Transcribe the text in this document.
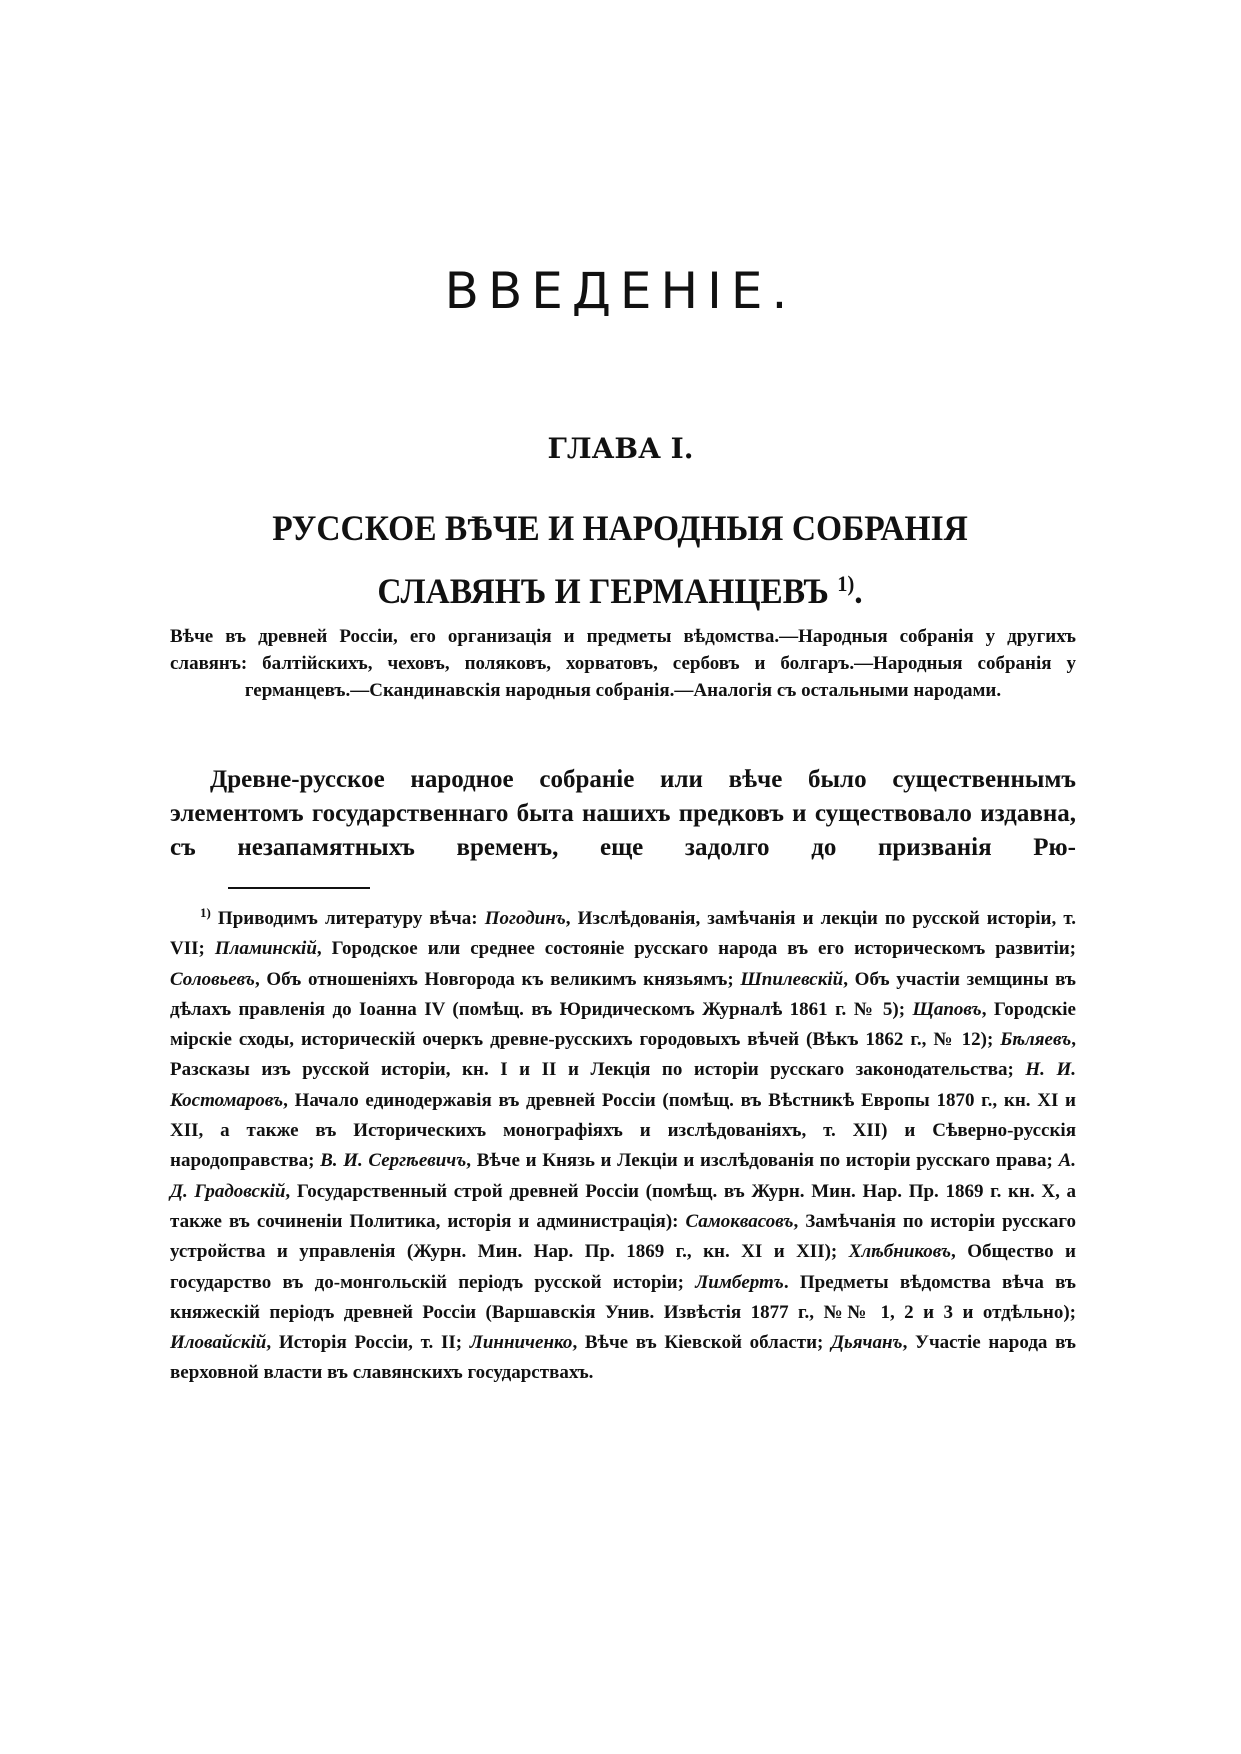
ВВЕДЕНІЕ.
ГЛАВА I.
РУССКОЕ ВѢЧЕ И НАРОДНЫЯ СОБРАНІЯ СЛАВЯНЪ И ГЕРМАНЦЕВЪ $^{1)}$.

Вѣче въ древней Россіи, его организація и предметы вѣдомства.—Народныя собранія у другихъ славянъ: балтійскихъ, чеховъ, поляковъ, хорватовъ, сербовъ и болгаръ.—Народныя собранія у германцевъ.—Скандинавскія народныя собранія.—Аналогія съ остальными народами.

Древне-русское народное собраніе или вѣче было существеннымъ элементомъ государственнаго быта нашихъ предковъ и существовало издавна, съ незапамятныхъ временъ, еще задолго до призванія Рю-

$^{1)}$ Приводимъ литературу вѣча: Погодинъ, Изслѣдованія, замѣчанія и лекціи по русской исторіи, т. VII; Пламинскій, Городское или среднее состояніе русскаго народа въ его историческомъ развитіи; Соловьевъ, Объ отношеніяхъ Новгорода къ великимъ князьямъ; Шпилевскій, Объ участіи земщины въ дѣлахъ правленія до Іоанна IV (помѣщ. въ Юридическомъ Журналѣ 1861 г. № 5); Щаповъ, Городскіе мірскіе сходы, историческій очеркъ древне-русскихъ городовыхъ вѣчей (Вѣкъ 1862 г., № 12); Бѣляевъ, Разсказы изъ русской исторіи, кн. I и II и Лекція по исторіи русскаго законодательства; Н. И. Костомаровъ, Начало единодержавія въ древней Россіи (помѣщ. въ Вѣстникѣ Европы 1870 г., кн. XI и XII, а также въ Историческихъ монографіяхъ и изслѣдованіяхъ, т. XII) и Сѣверно-русскія народоправства; В. И. Сергѣевичъ, Вѣче и Князь и Лекціи и изслѣдованія по исторіи русскаго права; А. Д. Градовскій, Государственный строй древней Россіи (помѣщ. въ Журн. Мин. Нар. Пр. 1869 г. кн. X, а также въ сочиненіи Политика, исторія и администрація): Самоквасовъ, Замѣчанія по исторіи русскаго устройства и управленія (Журн. Мин. Нар. Пр. 1869 г., кн. XI и XII); Хлѣбниковъ, Общество и государство въ до-монгольскій періодъ русской исторіи; Лимбертъ. Предметы вѣдомства вѣча въ княжескій періодъ древней Россіи (Варшавскія Унив. Извѣстія 1877 г., №№ 1, 2 и 3 и отдѣльно); Иловайскій, Исторія Россіи, т. II; Линниченко, Вѣче въ Кіевской области; Дьячанъ, Участіе народа въ верховной власти въ славянскихъ государствахъ.
